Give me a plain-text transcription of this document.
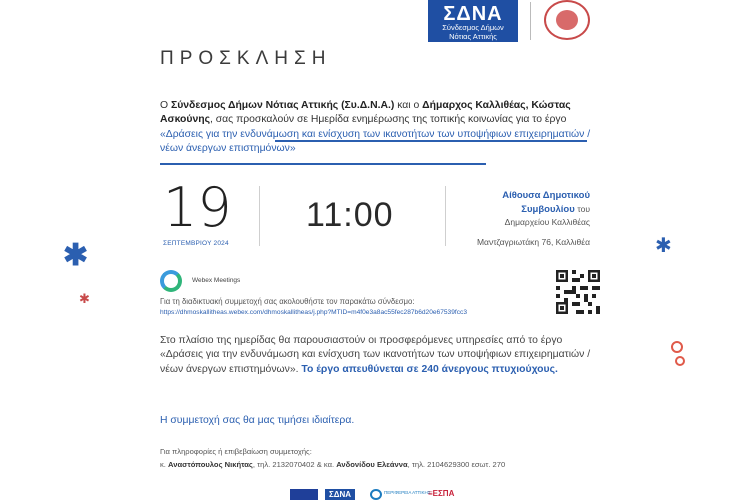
ΣΔΝΑ
Σύνδεσμος Δήμων
Νότιας Αττικής
ΠΡΟΣΚΛΗΣΗ
Ο Σύνδεσμος Δήμων Νότιας Αττικής (Συ.Δ.Ν.Α.) και ο Δήμαρχος Καλλιθέας, Κώστας Ασκούνης, σας προσκαλούν σε Ημερίδα ενημέρωσης της τοπικής κοινωνίας για το έργο «Δράσεις για την ενδυνάμωση και ενίσχυση των ικανοτήτων των υποψήφιων επιχειρηματιών / νέων άνεργων επιστημόνων»
19
ΣΕΠΤΕΜΒΡΙΟΥ 2024
11:00
Αίθουσα Δημοτικού
Συμβουλίου του
Δημαρχείου Καλλιθέας
Μαντζαγριωτάκη 76, Καλλιθέα
Webex Meetings
Για τη διαδικτυακή συμμετοχή σας ακολουθήστε τον παρακάτω σύνδεσμο:
https://dhmoskallitheas.webex.com/dhmoskallitheas/j.php?MTID=m4f0e3a8ac55fec287b6d20e67539fcc3
Στο πλαίσιο της ημερίδας θα παρουσιαστούν οι προσφερόμενες υπηρεσίες από το έργο «Δράσεις για την ενδυνάμωση και ενίσχυση των ικανοτήτων των υποψήφιων επιχειρηματιών / νέων άνεργων επιστημόνων». Το έργο απευθύνεται σε 240 άνεργους πτυχιούχους.
Η συμμετοχή σας θα μας τιμήσει ιδιαίτερα.
Για πληροφορίες ή επιβεβαίωση συμμετοχής:
κ. Αναστόπουλος Νικήτας, τηλ. 2132070402 & κα. Ανδονίδου Ελεάννα, τηλ. 2104629300 εσωτ. 270
✱
✱
✱
ΣΔΝΑ	ΠΕΡΙΦΕΡΕΙΑ ΑΤΤΙΚΗΣ
≡ΕΣΠΑ
